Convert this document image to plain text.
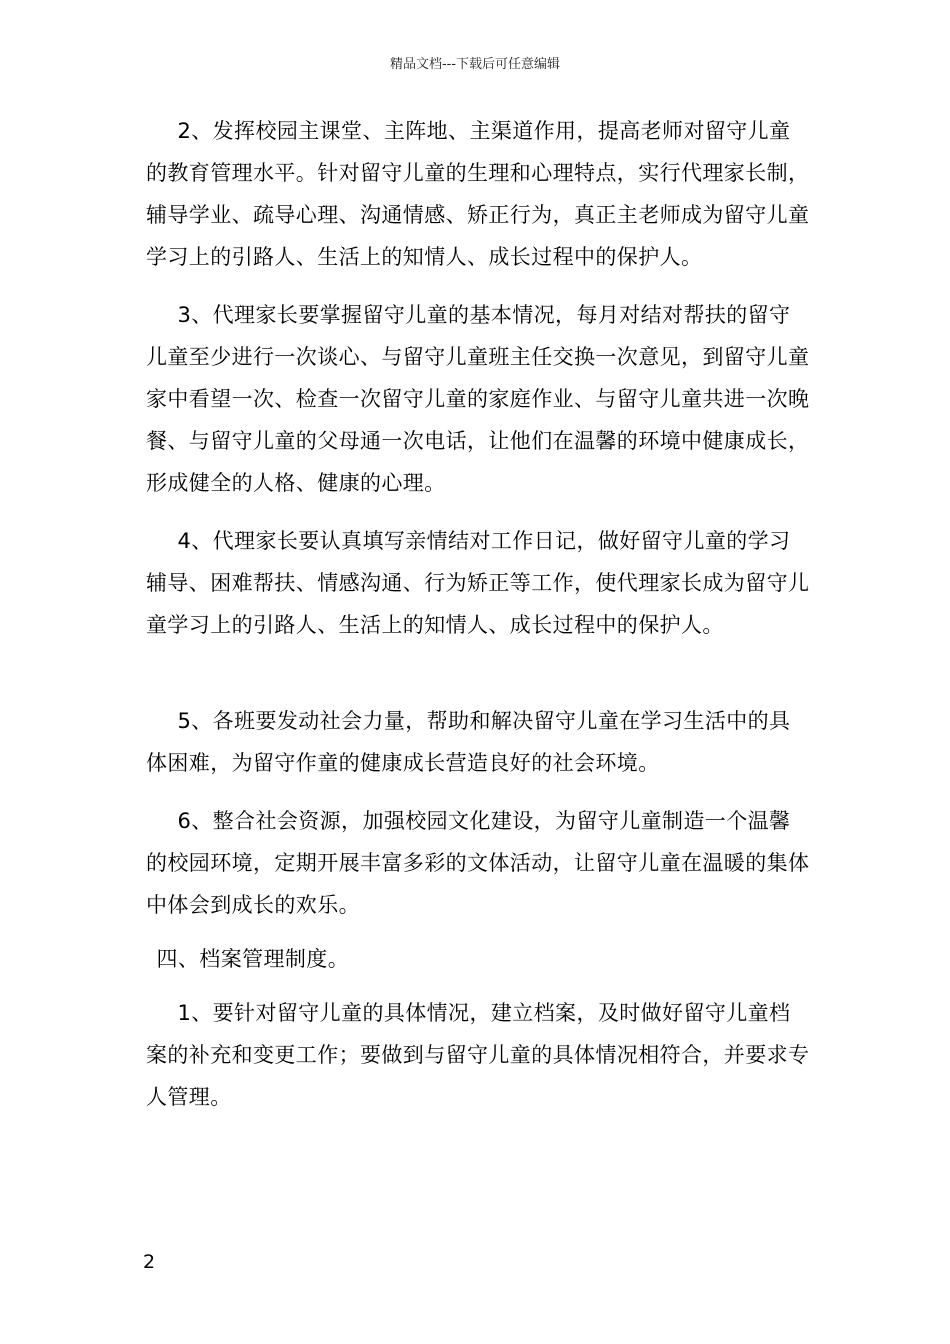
精品文档---下载后可任意编辑

2、发挥校园主课堂、主阵地、主渠道作用，提高老师对留守儿童的教育管理水平。针对留守儿童的生理和心理特点，实行代理家长制，辅导学业、疏导心理、沟通情感、矫正行为，真正主老师成为留守儿童学习上的引路人、生活上的知情人、成长过程中的保护人。

3、代理家长要掌握留守儿童的基本情况，每月对结对帮扶的留守儿童至少进行一次谈心、与留守儿童班主任交换一次意见，到留守儿童家中看望一次、检查一次留守儿童的家庭作业、与留守儿童共进一次晚餐、与留守儿童的父母通一次电话，让他们在温馨的环境中健康成长，形成健全的人格、健康的心理。

4、代理家长要认真填写亲情结对工作日记，做好留守儿童的学习辅导、困难帮扶、情感沟通、行为矫正等工作，使代理家长成为留守儿童学习上的引路人、生活上的知情人、成长过程中的保护人。

5、各班要发动社会力量，帮助和解决留守儿童在学习生活中的具体困难，为留守作童的健康成长营造良好的社会环境。

6、整合社会资源，加强校园文化建设，为留守儿童制造一个温馨的校园环境，定期开展丰富多彩的文体活动，让留守儿童在温暖的集体中体会到成长的欢乐。

四、档案管理制度。

1、要针对留守儿童的具体情况，建立档案，及时做好留守儿童档案的补充和变更工作；要做到与留守儿童的具体情况相符合，并要求专人管理。

2
